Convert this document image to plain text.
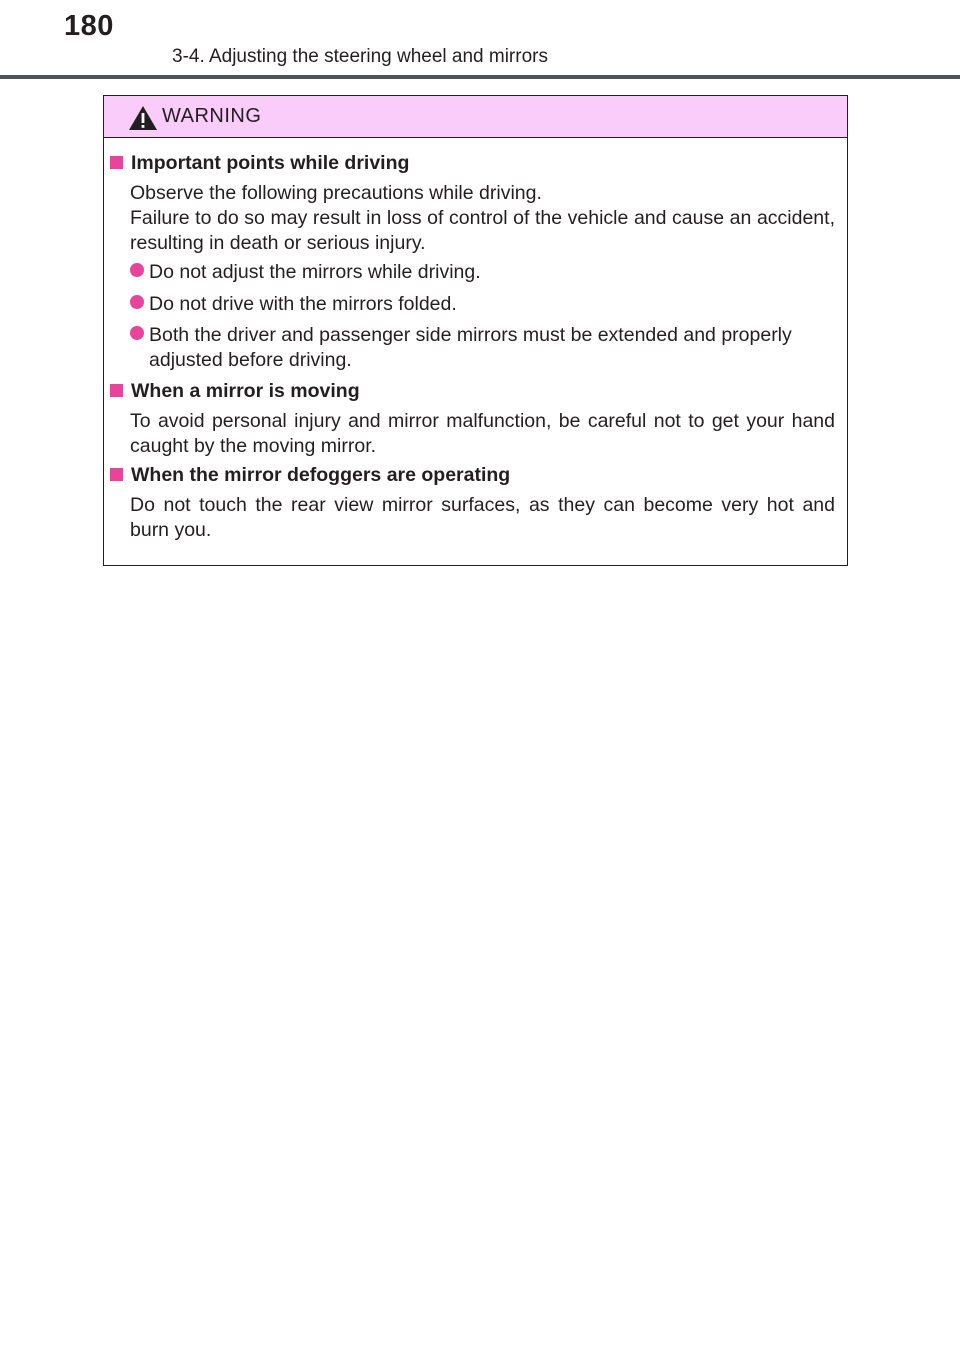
180
3-4. Adjusting the steering wheel and mirrors
WARNING
Important points while driving
Observe the following precautions while driving.
Failure to do so may result in loss of control of the vehicle and cause an accident, resulting in death or serious injury.
Do not adjust the mirrors while driving.
Do not drive with the mirrors folded.
Both the driver and passenger side mirrors must be extended and properly adjusted before driving.
When a mirror is moving
To avoid personal injury and mirror malfunction, be careful not to get your hand caught by the moving mirror.
When the mirror defoggers are operating
Do not touch the rear view mirror surfaces, as they can become very hot and burn you.
